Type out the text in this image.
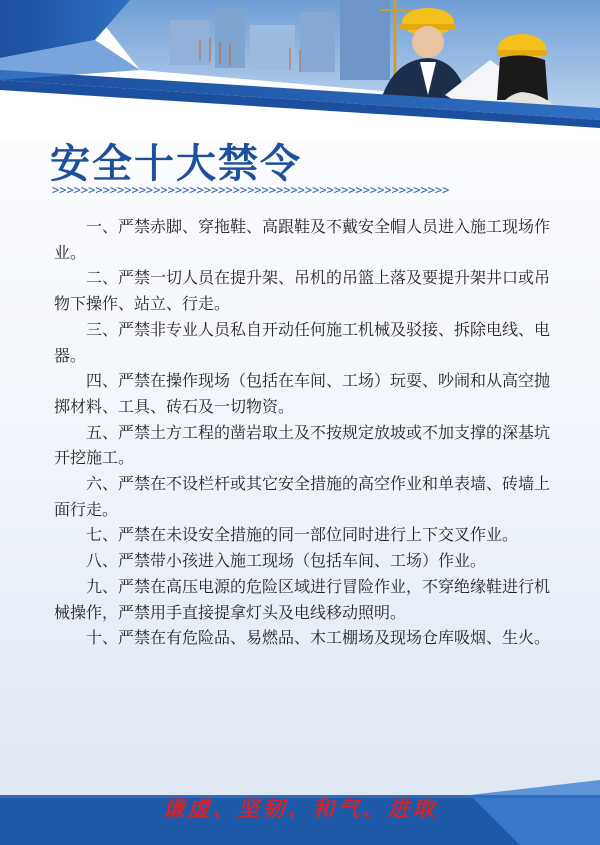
安全十大禁令
>>>>>>>>>>>>>>>>>>>>>>>>>>>>>>>>>>>>>>>>>>>>>>>>>>>>>>>

一、严禁赤脚、穿拖鞋、高跟鞋及不戴安全帽人员进入施工现场作业。

二、严禁一切人员在提升架、吊机的吊篮上落及要提升架井口或吊物下操作、站立、行走。

三、严禁非专业人员私自开动任何施工机械及驳接、拆除电线、电器。

四、严禁在操作现场（包括在车间、工场）玩耍、吵闹和从高空抛掷材料、工具、砖石及一切物资。

五、严禁土方工程的凿岩取土及不按规定放坡或不加支撑的深基坑开挖施工。

六、严禁在不设栏杆或其它安全措施的高空作业和单表墙、砖墙上面行走。

七、严禁在未设安全措施的同一部位同时进行上下交叉作业。

八、严禁带小孩进入施工现场（包括车间、工场）作业。

九、严禁在高压电源的危险区域进行冒险作业，不穿绝缘鞋进行机械操作，严禁用手直接提拿灯头及电线移动照明。

十、严禁在有危险品、易燃品、木工棚场及现场仓库吸烟、生火。

谦虚、坚韧、和气、进取
